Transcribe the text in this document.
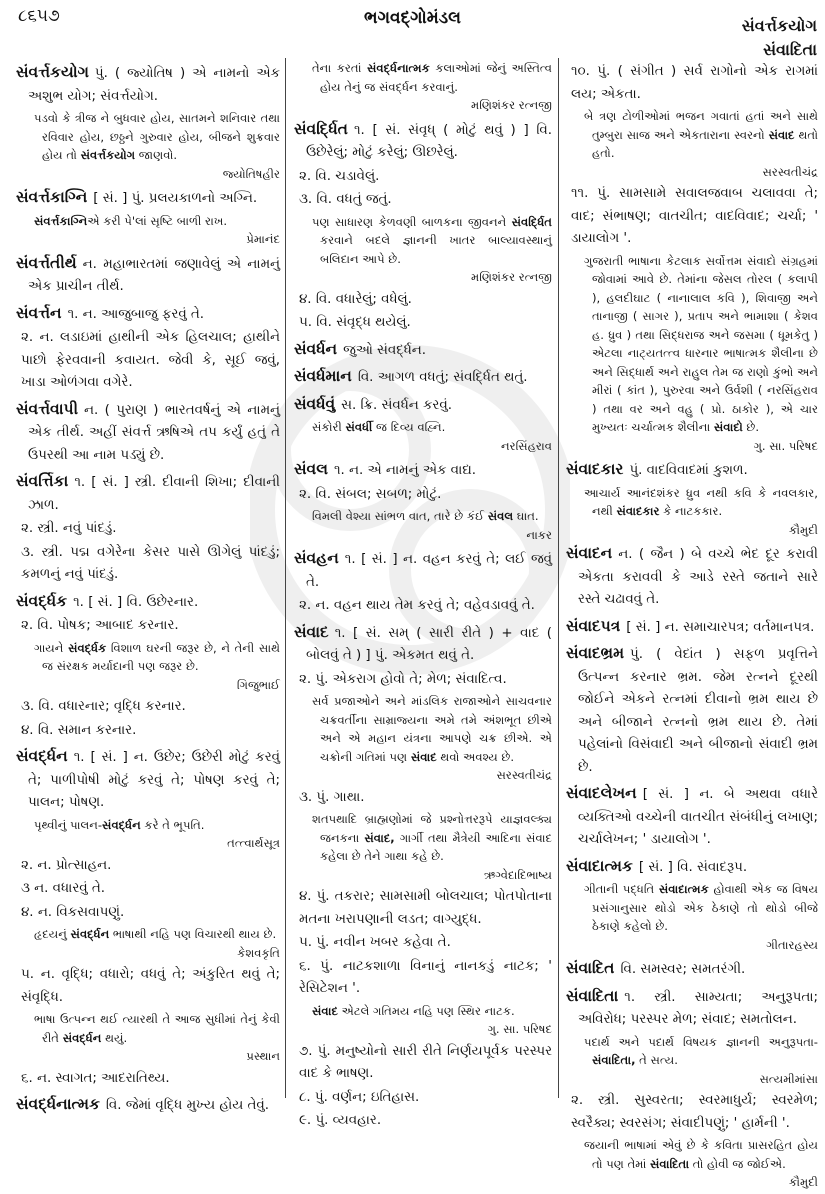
૮૬૫૭	ભગવદ્ગોમંડલ	સંવર્ત્તકયોગ
સંવાદિતા
સંવર્ત્તકયોગ પું. ( જ્યોતિષ ) એ નામનો એક અશુભ યોગ; સંવર્ત્તયોગ.
પડવો કે ત્રીજ ને બુધવાર હોય, સાતમને શનિવાર તથા રવિવાર હોય, છઠ્ઠને ગુરુવાર હોય, બીજને શુક્રવાર હોય તો સંવર્ત્તકયોગ જાણવો.
જ્યોતિષહીર
સંવર્ત્તકાગ્નિ [ સં. ] પું. પ્રલયકાળનો અગ્નિ.
સંવર્ત્તકાગ્નિએ કરી પે'લાં સૃષ્ટિ બાળી રાખ.
પ્રેમાનંદ
સંવર્ત્તતીર્થ ન. મહાભારતમાં જણાવેલું એ નામનું એક પ્રાચીન તીર્થ.
સંવર્ત્તન ૧. ન. આજુબાજુ ફરવું તે.
૨. ન. લડાઇમાં હાથીની એક હિલચાલ; હાથીને પાછો ફેરવવાની કવાયત. જેવી કે, સૂઈ જવું, ખાડા ઓળંગવા વગેરે.
સંવર્ત્તવાપી ન. ( પુરાણ ) ભારતવર્ષનું એ નામનું એક તીર્થ. અહીં સંવર્ત્ત ઋષિએ તપ કર્યું હતું તે ઉપરથી આ નામ પડ્યું છે.
સંવર્ત્તિકા ૧. [ સં. ] સ્ત્રી. દીવાની શિખા; દીવાની ઝાળ.
૨. સ્ત્રી. નવું પાંદડું.
૩. સ્ત્રી. પદ્મ વગેરેના કેસર પાસે ઊગેલું પાંદડું; કમળનું નવું પાંદડું.
સંવર્દ્ધક ૧. [ સં. ] વિ. ઉછેરનાર.
૨. વિ. પોષક; આબાદ કરનાર.
ગાયને સંવર્દ્ધક વિશાળ ઘરની જરૂર છે, ને તેની સાથે જ સંરક્ષક મર્યાદાની પણ જરૂર છે.
ગિજુભાઈ
૩. વિ. વધારનાર; વૃદ્ધિ કરનાર.
૪. વિ. સમાન કરનાર.
સંવર્દ્ધન ૧. [ સં. ] ન. ઉછેર; ઉછેરી મોટું કરવું તે; પાળીપોષી મોટું કરવું તે; પોષણ કરવું તે; પાલન; પોષણ.
પૃથ્વીનું પાલન-સંવર્દ્ધન કરે તે ભૂપતિ.
તત્ત્વાર્થસૂત્ર
૨. ન. પ્રોત્સાહન.
૩ ન. વધારવું તે.
૪. ન. વિકસવાપણું.
હૃદયનું સંવર્દ્ધન ભાષાથી નહિ પણ વિચારથી થાય છે.
કેશવકૃતિ
૫. ન. વૃદ્ધિ; વધારો; વધવું તે; અંકુરિત થવું તે; સંવૃદ્ધિ.
ભાષા ઉત્પન્ન થઈ ત્યારથી તે આજ સુધીમાં તેનું કેવી રીતે સંવર્દ્ધન થયું.
પ્રસ્થાન
૬. ન. સ્વાગત; આદરાતિથ્ય.
સંવર્દ્ધનાત્મક વિ. જેમાં વૃદ્ધિ મુખ્ય હોય તેવું.
તેના કરતાં સંવર્દ્ધનાત્મક કલાઓમાં જેનું અસ્તિત્વ હોય તેનું જ સંવર્દ્ધન કરવાનું.
મણિશંકર રત્નજી
સંવર્દ્ધિત ૧. [ સં. સંવૃધ્ ( મોટું થવું ) ] વિ. ઉછેરેલું; મોટું કરેલું; ઊછરેલું.
૨. વિ. ચડાવેલું.
૩. વિ. વધતું જતું.
પણ સાધારણ કેળવણી બાળકના જીવનને સંવર્દ્ધિત કરવાને બદલે જ્ઞાનની ખાતર બાલ્યાવસ્થાનું બલિદાન આપે છે.
મણિશંકર રત્નજી
૪. વિ. વધારેલું; વધેલું.
૫. વિ. સંવૃદ્ધ થયેલું.
સંવર્ધન જુઓ સંવર્દ્ધન.
સંવર્ધમાન વિ. આગળ વધતું; સંવર્દ્ધિત થતું.
સંવર્ધવું સ. ક્રિ. સંવર્ધન કરવું.
સંકોરી સંવર્ધી જ દિવ્ય વહ્નિ.
નરસિંહરાવ
સંવલ ૧. ન. એ નામનું એક વાદ્ય.
૨. વિ. સંબલ; સબળ; મોટું.
વિમલી વેશ્યા સાંભળ વાત, તારે છે કંઈ સંવલ ઘાત.
નાકર
સંવહન ૧. [ સં. ] ન. વહન કરવું તે; લઈ જવું તે.
૨. ન. વહન થાય તેમ કરવું તે; વહેવડાવવું તે.
સંવાદ ૧. [ સં. સમ્ ( સારી રીતે ) + વાદ ( બોલવું તે ) ] પું. એકમત થવું તે.
૨. પું. એકરાગ હોવો તે; મેળ; સંવાદિત્વ.
સર્વ પ્રજાઓને અને માંડલિક રાજાઓને સાચવનાર ચક્રવર્તીના સામ્રાજ્યના અમે તમે અંશભૂત છીએ અને એ મહાન યંત્રના આપણે ચક્ર છીએ. એ ચક્રોની ગતિમાં પણ સંવાદ થવો અવશ્ય છે.
સરસ્વતીચંદ્ર
૩. પું. ગાથા.
શતપથાદિ બ્રાહ્મણોમાં જે પ્રશ્નોત્તરરૂપે યાજ્ઞવલ્ક્ય જનકના સંવાદ, ગાર્ગી તથા મૈત્રેયી આદિના સંવાદ કહેલા છે તેને ગાથા કહે છે.
ઋગ્વેદાદિભાષ્ય
૪. પું. તકરાર; સામસામી બોલચાલ; પોતપોતાના મતના ખરાપણાની લડત; વાગ્યુદ્ધ.
૫. પું. નવીન ખબર કહેવા તે.
૬. પું. નાટકશાળા વિનાનું નાનકડું નાટક; ' રેસિટેશન '.
સંવાદ એટલે ગતિમય નહિ પણ સ્થિર નાટક.
ગુ. સા. પરિષદ
૭. પું. મનુષ્યોનો સારી રીતે નિર્ણયપૂર્વક પરસ્પર વાદ કે ભાષણ.
૮. પું. વર્ણન; ઇતિહાસ.
૯. પું. વ્યવહાર.
૧૦. પું. ( સંગીત ) સર્વ રાગોનો એક રાગમાં લય; એકતા.
બે ત્રણ ટોળીઓમાં ભજન ગવાતાં હતાં અને સાથે તુમ્બુરા સાજ અને એકતારાના સ્વરનો સંવાદ થતો હતો.
સરસ્વતીચંદ્ર
૧૧. પું. સામસામે સવાલજવાબ ચલાવવા તે; વાદ; સંભાષણ; વાતચીત; વાદવિવાદ; ચર્ચા; ' ડાયાલોગ '.
ગુજરાતી ભાષાના કેટલાક સર્વોત્તમ સંવાદો સંગ્રહમાં જોવામાં આવે છે. તેમાંના જેસલ તોરલ ( કલાપી ), હલદીઘાટ ( નાનાલાલ કવિ ), શિવાજી અને તાનાજી ( સાગર ), પ્રતાપ અને ભામાશા ( કેશવ હ. ધ્રુવ ) તથા સિદ્ધરાજ અને જસમા ( ધૂમકેતુ ) એટલા નાટ્યતત્ત્વ ધારનાર ભાષાત્મક શૈલીના છે અને સિદ્ધાર્થ અને રાહુલ તેમ જ રાણો કુંભો અને મીરાં ( કાંત ), પુરુરવા અને ઉર્વશી ( નરસિંહરાવ ) તથા વર અને વહુ ( પ્રો. ઠાકોર ), એ ચાર મુખ્યતઃ ચર્ચાત્મક શૈલીના સંવાદો છે.
ગુ. સા. પરિષદ
સંવાદકાર પું. વાદવિવાદમાં કુશળ.
આચાર્ય આનંદશંકર ધ્રુવ નથી કવિ કે નવલકાર, નથી સંવાદકાર કે નાટકકાર.
કૌમુદી
સંવાદન ન. ( જૈન ) બે વચ્ચે ભેદ દૂર કરાવી એકતા કરાવવી કે આડે રસ્તે જતાને સારે રસ્તે ચઢાવવું તે.
સંવાદપત્ર [ સં. ] ન. સમાચારપત્ર; વર્તમાનપત્ર.
સંવાદભ્રમ પું. ( વેદાંત ) સફળ પ્રવૃત્તિને ઉત્પન્ન કરનાર ભ્રમ. જેમ રત્નને દૂરથી જોઈને એકને રત્નમાં દીવાનો ભ્રમ થાય છે અને બીજાને રત્નનો ભ્રમ થાય છે. તેમાં પહેલાંનો વિસંવાદી અને બીજાનો સંવાદી ભ્રમ છે.
સંવાદલેખન [ સં. ] ન. બે અથવા વધારે વ્યક્તિઓ વચ્ચેની વાતચીત સંબંધીનું લખાણ; ચર્ચાલેખન; ' ડાયાલોગ '.
સંવાદાત્મક [ સં. ] વિ. સંવાદરૂપ.
ગીતાની પદ્ધતિ સંવાદાત્મક હોવાથી એક જ વિષય પ્રસંગાનુસાર થોડો એક ઠેકાણે તો થોડો બીજે ઠેકાણે કહેલો છે.
ગીતારહસ્ય
સંવાદિત વિ. સમસ્વર; સમતરંગી.
સંવાદિતા ૧. સ્ત્રી. સામ્યતા; અનુરૂપતા; અવિરોધ; પરસ્પર મેળ; સંવાદ; સમતોલન.
પદાર્થ અને પદાર્થ વિષયક જ્ઞાનની અનુરૂપતા-સંવાદિતા, તે સત્ય.
સત્યમીમાંસા
૨. સ્ત્રી. સુસ્વરતા; સ્વરમાધુર્ય; સ્વરમેળ; સ્વરૈક્ય; સ્વરસંગ; સંવાદીપણું; ' હાર્મની '.
જયાની ભાષામાં એવું છે કે કવિતા પ્રાસરહિત હોય તો પણ તેમાં સંવાદિતા તો હોવી જ જોઈએ.
કૌમુદી
